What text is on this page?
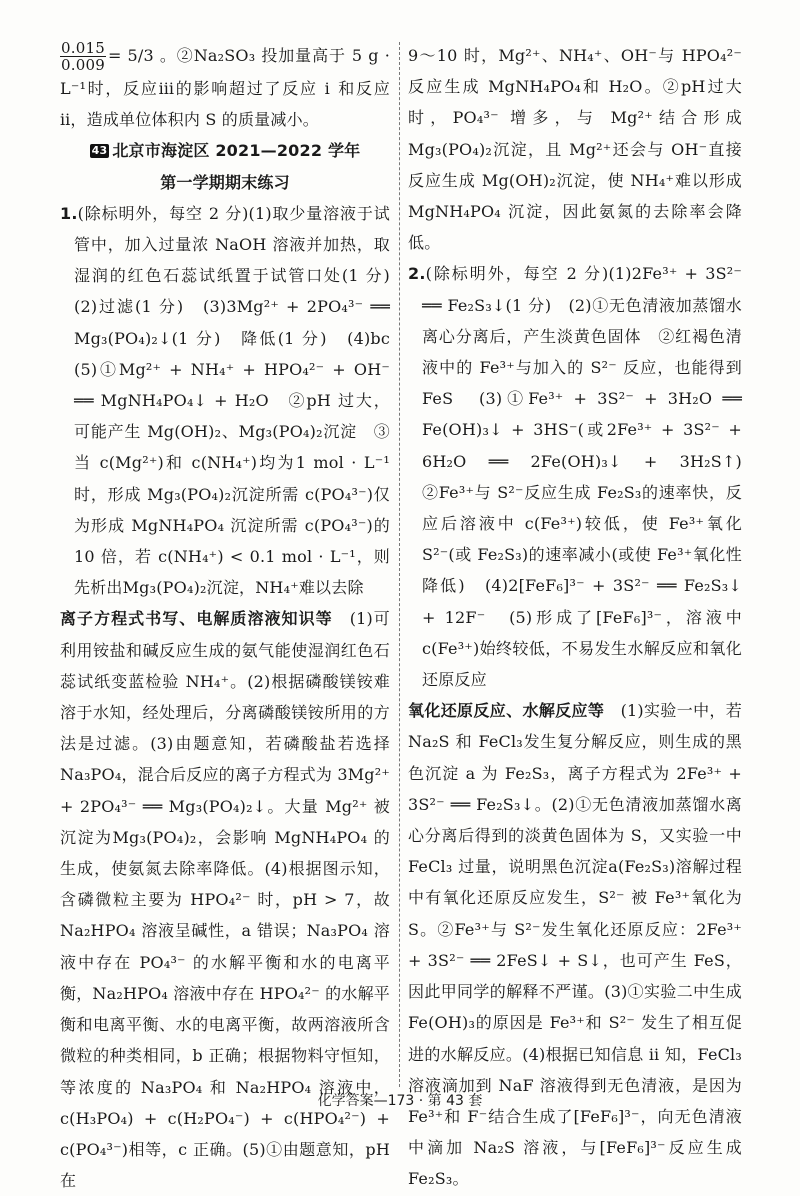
$\frac{0.015}{0.009} = 5/3$ 。②Na₂SO₃ 投加量高于 5 g · L⁻¹时，反应ⅲ的影响超过了反应 ⅰ 和反应 ⅱ，造成单位体积内 S 的质量减小。

43 北京市海淀区 2021—2022 学年
第一学期期末练习

1.(除标明外，每空 2 分)(1)取少量溶液于试管中，加入过量浓 NaOH 溶液并加热，取湿润的红色石蕊试纸置于试管口处(1 分)　(2)过滤(1 分)　(3)3Mg²⁺ + 2PO₄³⁻ ══ Mg₃(PO₄)₂↓(1 分)　降低(1 分)　(4)bc　(5)①Mg²⁺ + NH₄⁺ + HPO₄²⁻ + OH⁻ ══ MgNH₄PO₄↓ + H₂O　②pH 过大，可能产生 Mg(OH)₂、Mg₃(PO₄)₂沉淀　③当 c(Mg²⁺)和 c(NH₄⁺)均为1 mol · L⁻¹时，形成 Mg₃(PO₄)₂沉淀所需 c(PO₄³⁻)仅为形成 MgNH₄PO₄ 沉淀所需 c(PO₄³⁻)的 10 倍，若 c(NH₄⁺) < 0.1 mol · L⁻¹，则先析出Mg₃(PO₄)₂沉淀，NH₄⁺难以去除

离子方程式书写、电解质溶液知识等　(1)可利用铵盐和碱反应生成的氨气能使湿润红色石蕊试纸变蓝检验 NH₄⁺。(2)根据磷酸镁铵难溶于水知，经处理后，分离磷酸镁铵所用的方法是过滤。(3)由题意知，若磷酸盐若选择 Na₃PO₄，混合后反应的离子方程式为 3Mg²⁺ + 2PO₄³⁻ ══ Mg₃(PO₄)₂↓。大量 Mg²⁺ 被沉淀为Mg₃(PO₄)₂，会影响 MgNH₄PO₄ 的生成，使氨氮去除率降低。(4)根据图示知，含磷微粒主要为 HPO₄²⁻ 时，pH > 7，故 Na₂HPO₄ 溶液呈碱性，a 错误；Na₃PO₄ 溶液中存在 PO₄³⁻ 的水解平衡和水的电离平衡，Na₂HPO₄ 溶液中存在 HPO₄²⁻ 的水解平衡和电离平衡、水的电离平衡，故两溶液所含微粒的种类相同，b 正确；根据物料守恒知，等浓度的 Na₃PO₄ 和 Na₂HPO₄ 溶液中，c(H₃PO₄) + c(H₂PO₄⁻) + c(HPO₄²⁻) + c(PO₄³⁻)相等，c 正确。(5)①由题意知，pH 在

9～10 时，Mg²⁺、NH₄⁺、OH⁻与 HPO₄²⁻反应生成 MgNH₄PO₄和 H₂O。②pH过大时，PO₄³⁻ 增多，与 Mg²⁺结合形成Mg₃(PO₄)₂沉淀，且 Mg²⁺还会与 OH⁻直接反应生成 Mg(OH)₂沉淀，使 NH₄⁺难以形成 MgNH₄PO₄ 沉淀，因此氨氮的去除率会降低。

2.(除标明外，每空 2 分)(1)2Fe³⁺ + 3S²⁻ ══ Fe₂S₃↓(1 分)　(2)①无色清液加蒸馏水离心分离后，产生淡黄色固体　②红褐色清液中的 Fe³⁺与加入的 S²⁻ 反应，也能得到 FeS　(3)①Fe³⁺ + 3S²⁻ + 3H₂O ══ Fe(OH)₃↓ + 3HS⁻(或2Fe³⁺ + 3S²⁻ + 6H₂O ══ 2Fe(OH)₃↓ + 3H₂S↑)　②Fe³⁺与 S²⁻反应生成 Fe₂S₃的速率快，反应后溶液中 c(Fe³⁺)较低，使 Fe³⁺氧化 S²⁻(或 Fe₂S₃)的速率减小(或使 Fe³⁺氧化性降低)　(4)2[FeF₆]³⁻ + 3S²⁻ ══ Fe₂S₃↓ + 12F⁻　(5)形成了[FeF₆]³⁻，溶液中 c(Fe³⁺)始终较低，不易发生水解反应和氧化还原反应

氧化还原反应、水解反应等　(1)实验一中，若 Na₂S 和 FeCl₃发生复分解反应，则生成的黑色沉淀 a 为 Fe₂S₃，离子方程式为 2Fe³⁺ + 3S²⁻ ══ Fe₂S₃↓。(2)①无色清液加蒸馏水离心分离后得到的淡黄色固体为 S，又实验一中 FeCl₃ 过量，说明黑色沉淀a(Fe₂S₃)溶解过程中有氧化还原反应发生，S²⁻ 被 Fe³⁺氧化为 S。②Fe³⁺与 S²⁻发生氧化还原反应：2Fe³⁺ + 3S²⁻ ══ 2FeS↓ + S↓，也可产生 FeS，因此甲同学的解释不严谨。(3)①实验二中生成 Fe(OH)₃的原因是 Fe³⁺和 S²⁻ 发生了相互促进的水解反应。(4)根据已知信息 ⅱ 知，FeCl₃溶液滴加到 NaF 溶液得到无色清液，是因为 Fe³⁺和 F⁻结合生成了[FeF₆]³⁻，向无色清液中滴加 Na₂S 溶液，与[FeF₆]³⁻反应生成 Fe₂S₃。

化学答案—173 · 第 43 套
